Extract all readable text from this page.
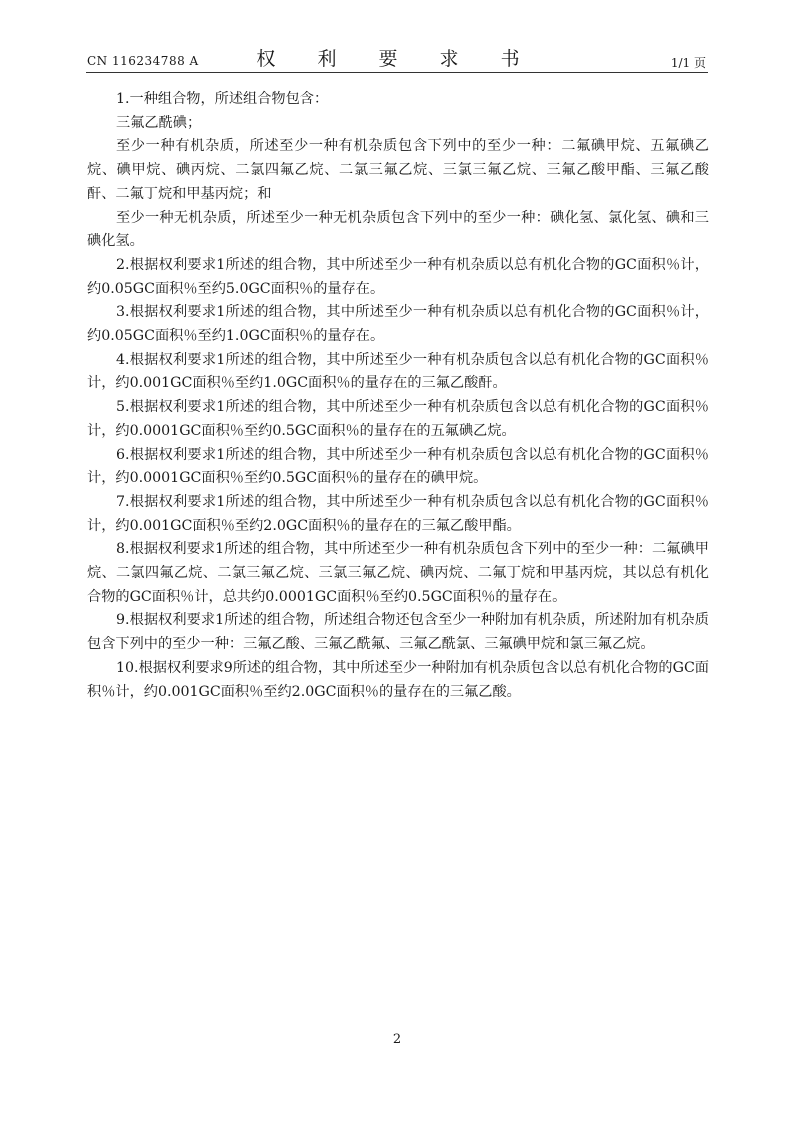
CN 116234788 A	权 利 要 求 书	1/1 页

1.一种组合物，所述组合物包含：

三氟乙酰碘；

至少一种有机杂质，所述至少一种有机杂质包含下列中的至少一种：二氟碘甲烷、五氟碘乙烷、碘甲烷、碘丙烷、二氯四氟乙烷、二氯三氟乙烷、三氯三氟乙烷、三氟乙酸甲酯、三氟乙酸酐、二氟丁烷和甲基丙烷；和

至少一种无机杂质，所述至少一种无机杂质包含下列中的至少一种：碘化氢、氯化氢、碘和三碘化氢。

2.根据权利要求1所述的组合物，其中所述至少一种有机杂质以总有机化合物的GC面积％计，约0.05GC面积％至约5.0GC面积％的量存在。

3.根据权利要求1所述的组合物，其中所述至少一种有机杂质以总有机化合物的GC面积％计，约0.05GC面积％至约1.0GC面积％的量存在。

4.根据权利要求1所述的组合物，其中所述至少一种有机杂质包含以总有机化合物的GC面积％计，约0.001GC面积％至约1.0GC面积％的量存在的三氟乙酸酐。

5.根据权利要求1所述的组合物，其中所述至少一种有机杂质包含以总有机化合物的GC面积％计，约0.0001GC面积％至约0.5GC面积％的量存在的五氟碘乙烷。

6.根据权利要求1所述的组合物，其中所述至少一种有机杂质包含以总有机化合物的GC面积％计，约0.0001GC面积％至约0.5GC面积％的量存在的碘甲烷。

7.根据权利要求1所述的组合物，其中所述至少一种有机杂质包含以总有机化合物的GC面积％计，约0.001GC面积％至约2.0GC面积％的量存在的三氟乙酸甲酯。

8.根据权利要求1所述的组合物，其中所述至少一种有机杂质包含下列中的至少一种：二氟碘甲烷、二氯四氟乙烷、二氯三氟乙烷、三氯三氟乙烷、碘丙烷、二氟丁烷和甲基丙烷，其以总有机化合物的GC面积％计，总共约0.0001GC面积％至约0.5GC面积％的量存在。

9.根据权利要求1所述的组合物，所述组合物还包含至少一种附加有机杂质，所述附加有机杂质包含下列中的至少一种：三氟乙酸、三氟乙酰氟、三氟乙酰氯、三氟碘甲烷和氯三氟乙烷。

10.根据权利要求9所述的组合物，其中所述至少一种附加有机杂质包含以总有机化合物的GC面积％计，约0.001GC面积％至约2.0GC面积％的量存在的三氟乙酸。

2
